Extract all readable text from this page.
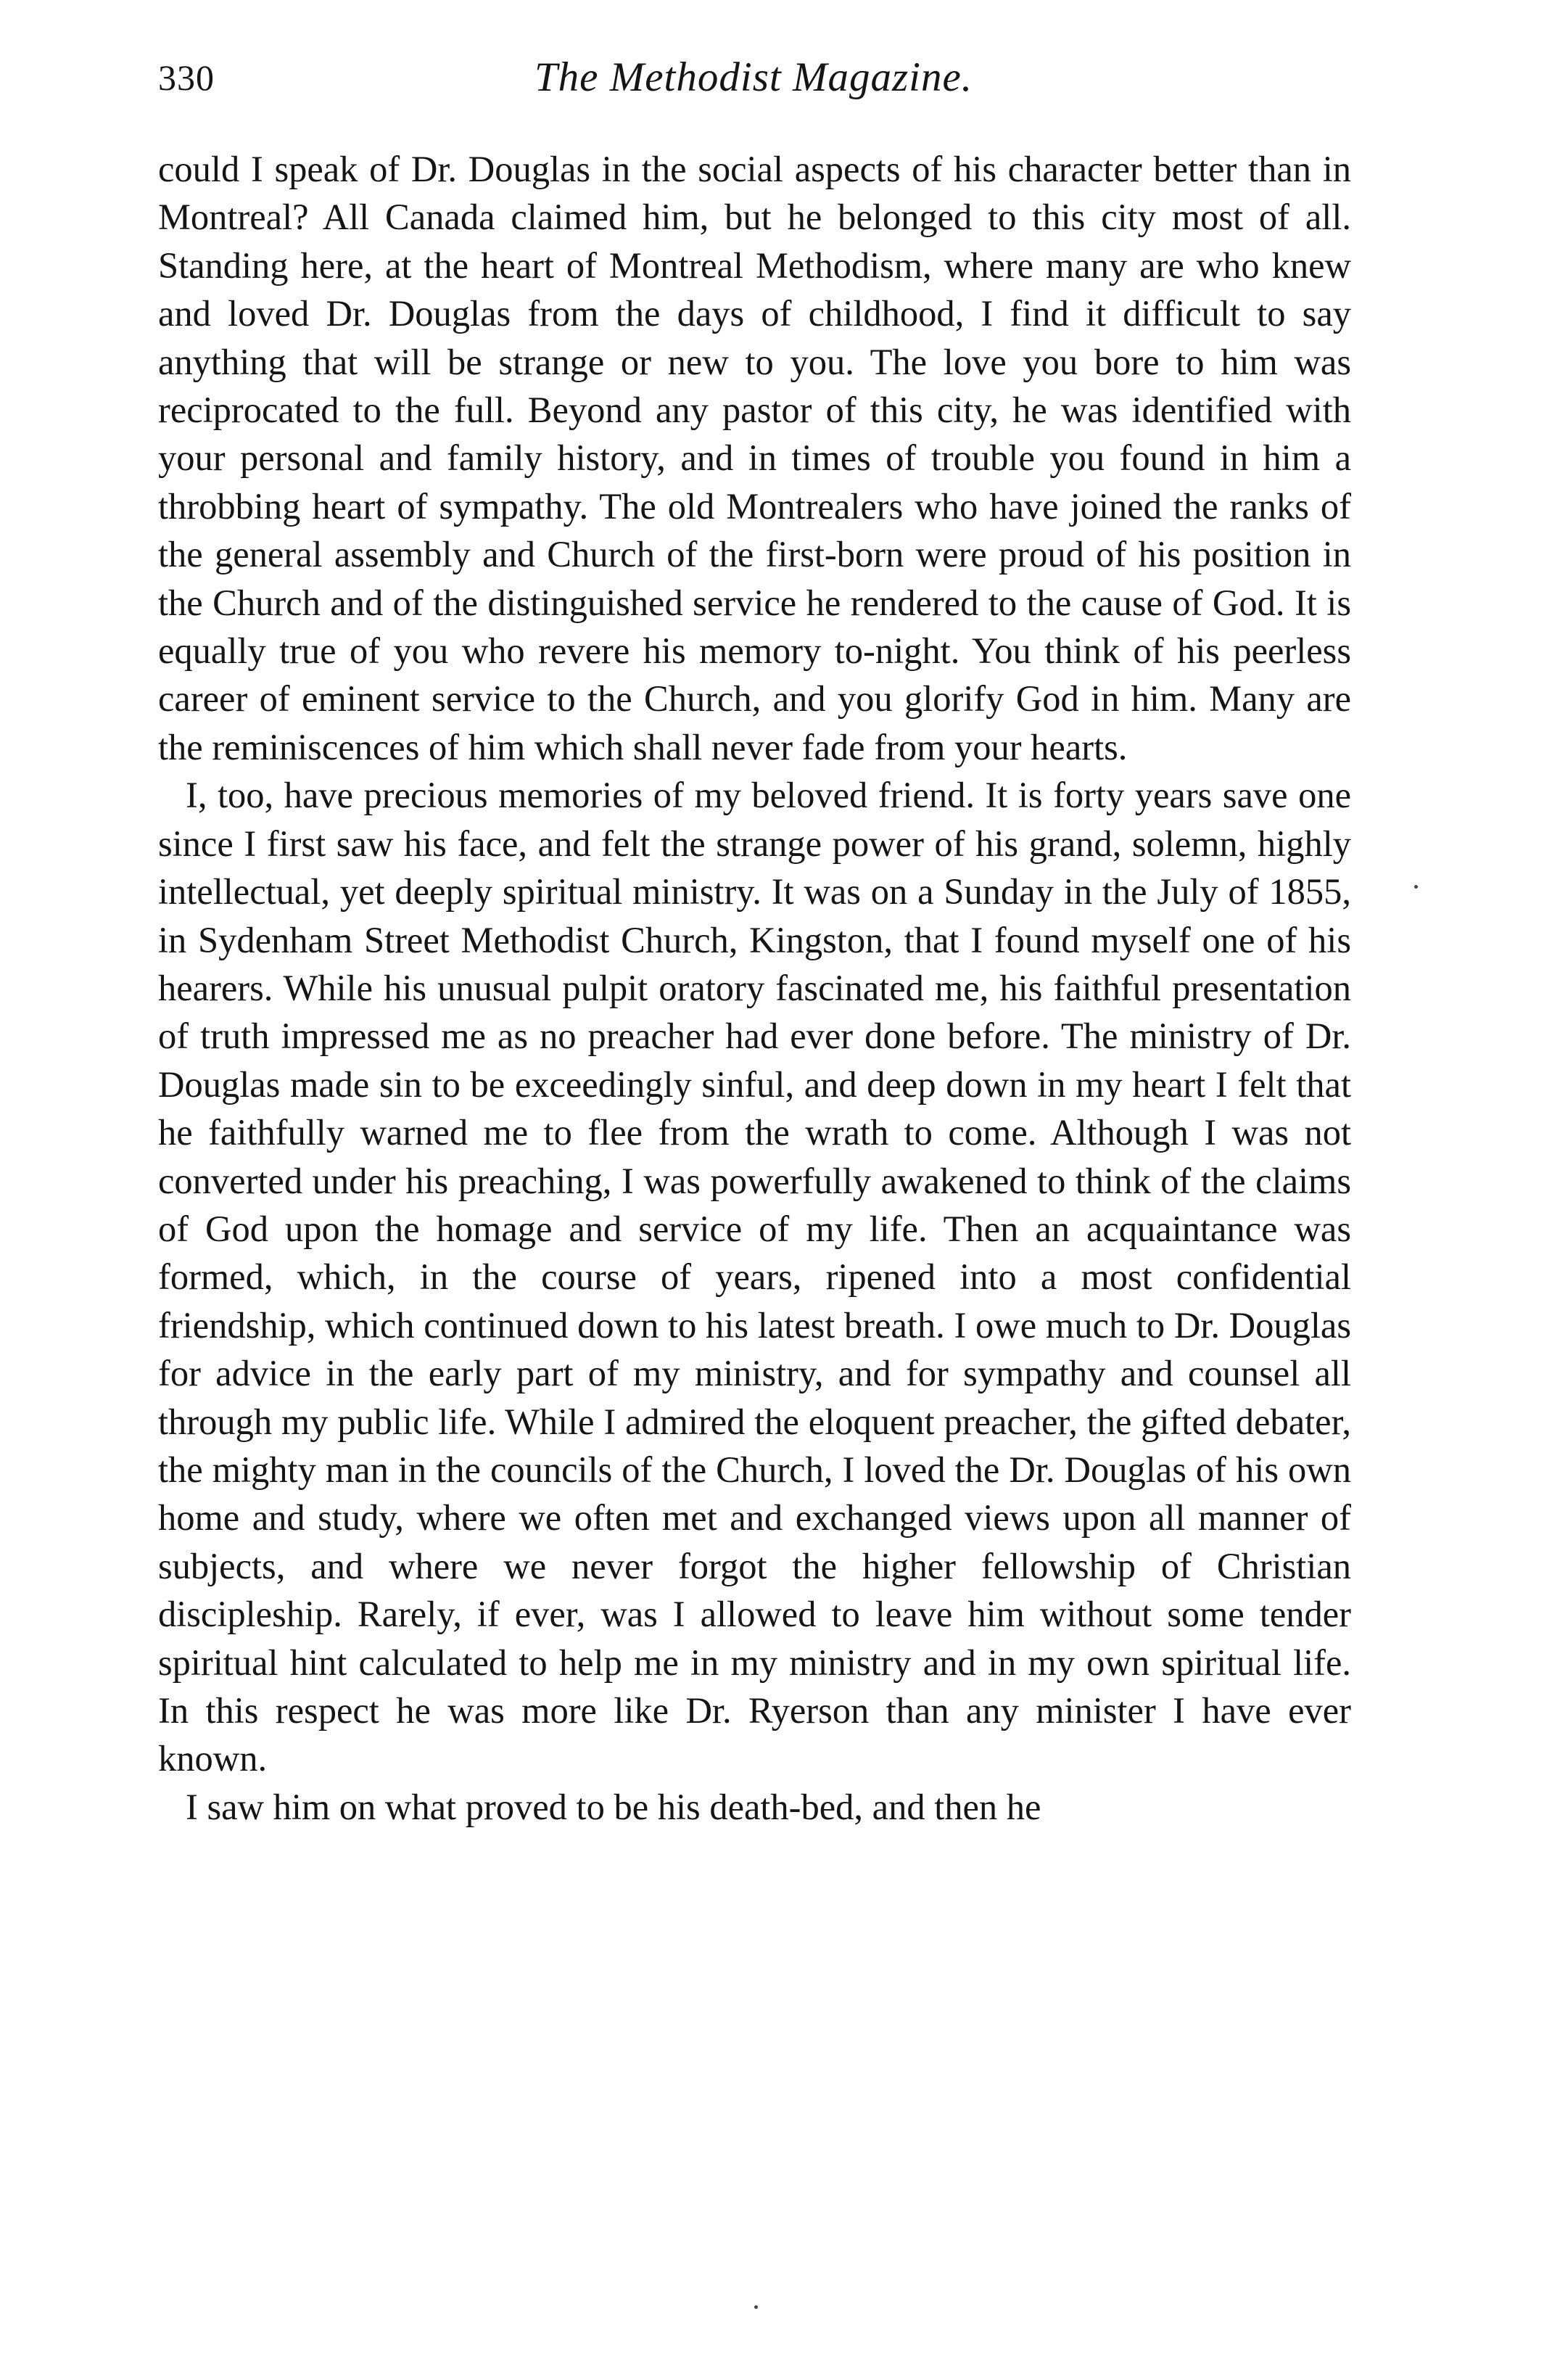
330	The Methodist Magazine.

could I speak of Dr. Douglas in the social aspects of his character better than in Montreal? All Canada claimed him, but he belonged to this city most of all. Standing here, at the heart of Montreal Methodism, where many are who knew and loved Dr. Douglas from the days of childhood, I find it difficult to say anything that will be strange or new to you. The love you bore to him was reciprocated to the full. Beyond any pastor of this city, he was identified with your personal and family history, and in times of trouble you found in him a throbbing heart of sympathy. The old Montrealers who have joined the ranks of the general assembly and Church of the first-born were proud of his position in the Church and of the distinguished service he rendered to the cause of God. It is equally true of you who revere his memory to-night. You think of his peerless career of eminent service to the Church, and you glorify God in him. Many are the reminiscences of him which shall never fade from your hearts.

I, too, have precious memories of my beloved friend. It is forty years save one since I first saw his face, and felt the strange power of his grand, solemn, highly intellectual, yet deeply spiritual ministry. It was on a Sunday in the July of 1855, in Sydenham Street Methodist Church, Kingston, that I found myself one of his hearers. While his unusual pulpit oratory fascinated me, his faithful presentation of truth impressed me as no preacher had ever done before. The ministry of Dr. Douglas made sin to be exceedingly sinful, and deep down in my heart I felt that he faithfully warned me to flee from the wrath to come. Although I was not converted under his preaching, I was powerfully awakened to think of the claims of God upon the homage and service of my life. Then an acquaintance was formed, which, in the course of years, ripened into a most confidential friendship, which continued down to his latest breath. I owe much to Dr. Douglas for advice in the early part of my ministry, and for sympathy and counsel all through my public life. While I admired the eloquent preacher, the gifted debater, the mighty man in the councils of the Church, I loved the Dr. Douglas of his own home and study, where we often met and exchanged views upon all manner of subjects, and where we never forgot the higher fellowship of Christian discipleship. Rarely, if ever, was I allowed to leave him without some tender spiritual hint calculated to help me in my ministry and in my own spiritual life. In this respect he was more like Dr. Ryerson than any minister I have ever known.

I saw him on what proved to be his death-bed, and then he
